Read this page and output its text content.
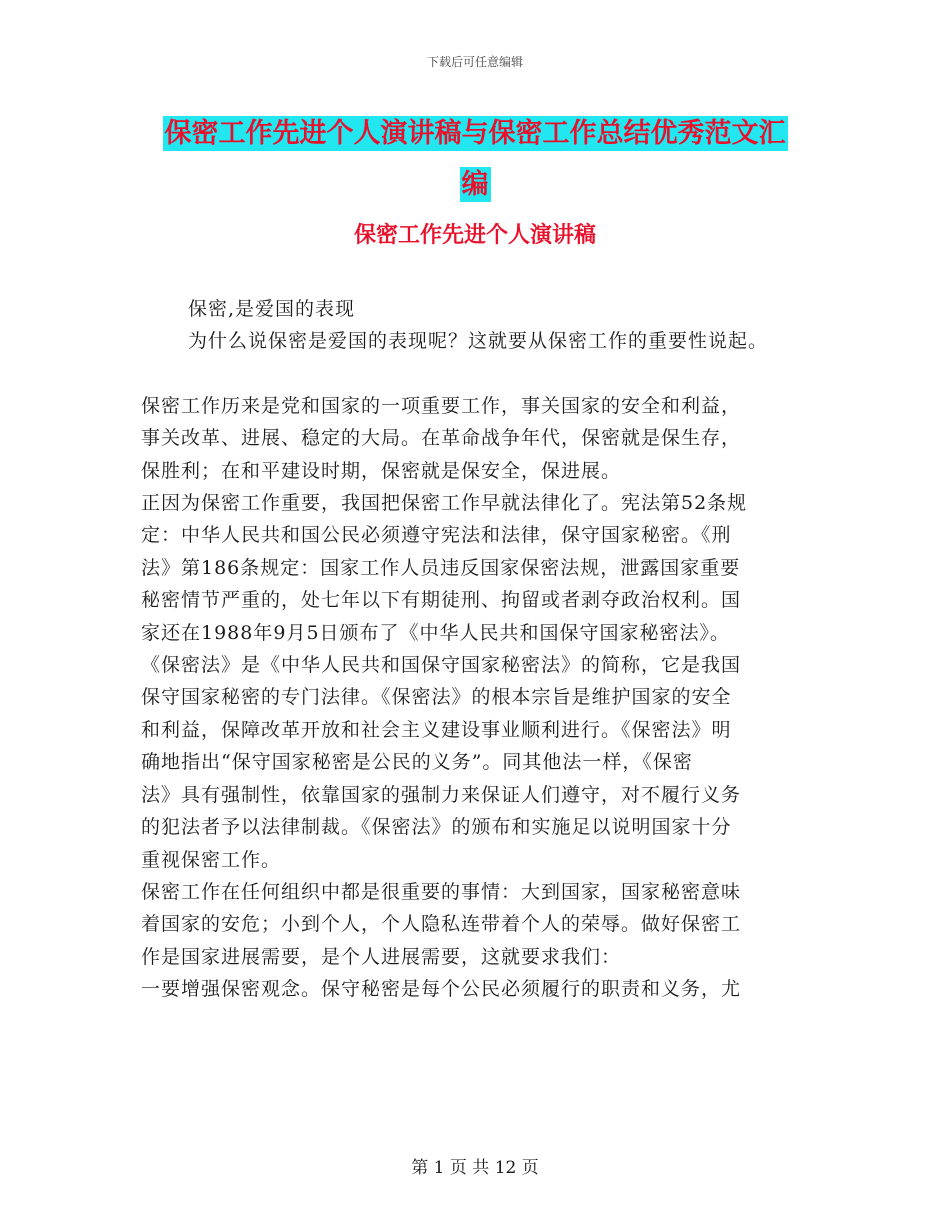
下载后可任意编辑
保密工作先进个人演讲稿与保密工作总结优秀范文汇
编
保密工作先进个人演讲稿

保密,是爱国的表现

为什么说保密是爱国的表现呢？这就要从保密工作的重要性说起。

保密工作历来是党和国家的一项重要工作，事关国家的安全和利益，
事关改革、进展、稳定的大局。在革命战争年代，保密就是保生存，
保胜利；在和平建设时期，保密就是保安全，保进展。

正因为保密工作重要，我国把保密工作早就法律化了。宪法第52条规
定：中华人民共和国公民必须遵守宪法和法律，保守国家秘密。《刑
法》第186条规定：国家工作人员违反国家保密法规，泄露国家重要
秘密情节严重的，处七年以下有期徒刑、拘留或者剥夺政治权利。国
家还在1988年9月5日颁布了《中华人民共和国保守国家秘密法》。
《保密法》是《中华人民共和国保守国家秘密法》的简称，它是我国
保守国家秘密的专门法律。《保密法》的根本宗旨是维护国家的安全
和利益，保障改革开放和社会主义建设事业顺利进行。《保密法》明
确地指出“保守国家秘密是公民的义务”。同其他法一样，《保密
法》具有强制性，依靠国家的强制力来保证人们遵守，对不履行义务
的犯法者予以法律制裁。《保密法》的颁布和实施足以说明国家十分
重视保密工作。

保密工作在任何组织中都是很重要的事情：大到国家，国家秘密意味
着国家的安危；小到个人，个人隐私连带着个人的荣辱。做好保密工
作是国家进展需要，是个人进展需要，这就要求我们：

一要增强保密观念。保守秘密是每个公民必须履行的职责和义务，尤

第 1 页 共 12 页
